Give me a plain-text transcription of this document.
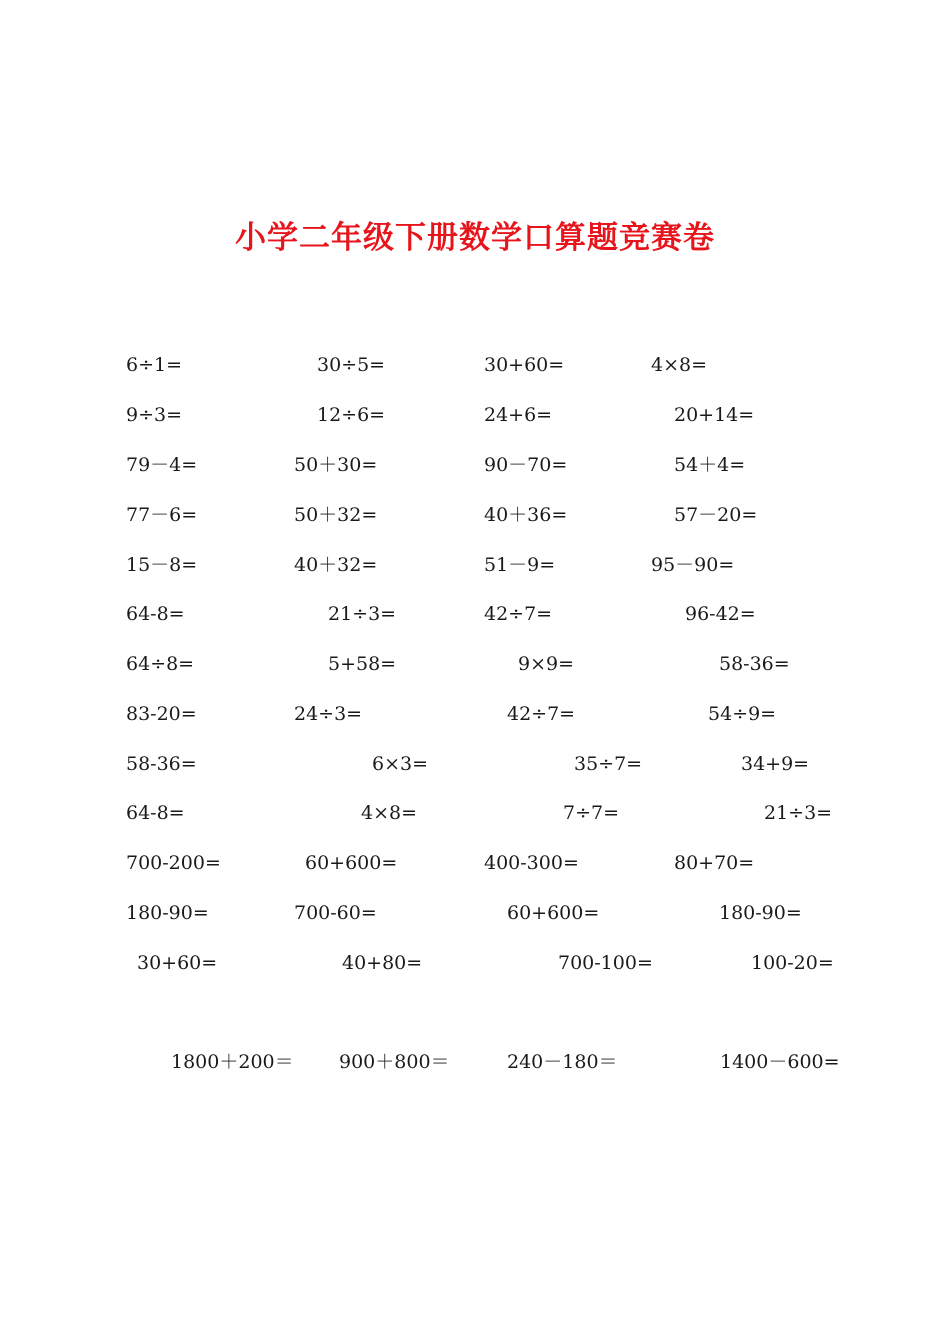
小学二年级下册数学口算题竞赛卷
6÷1=	30÷5=	30+60=	4×8=
9÷3=	12÷6=	24+6=	20+14=
79－4=	50＋30=	90－70=	54＋4=
77－6=	50＋32=	40＋36=	57－20=
15－8=	40＋32=	51－9=	95－90=
64-8=	21÷3=	42÷7=	96-42=
64÷8=	5+58=	9×9=	58-36=
83-20=	24÷3=	42÷7=	54÷9=
58-36=	6×3=	35÷7=	34+9=
64-8=	4×8=	7÷7=	21÷3=
700-200=	60+600=	400-300=	80+70=
180-90=	700-60=	60+600=	180-90=
30+60=	40+80=	700-100=	100-20=
1800＋200＝ 900＋800＝	240－180＝	1400－600=
